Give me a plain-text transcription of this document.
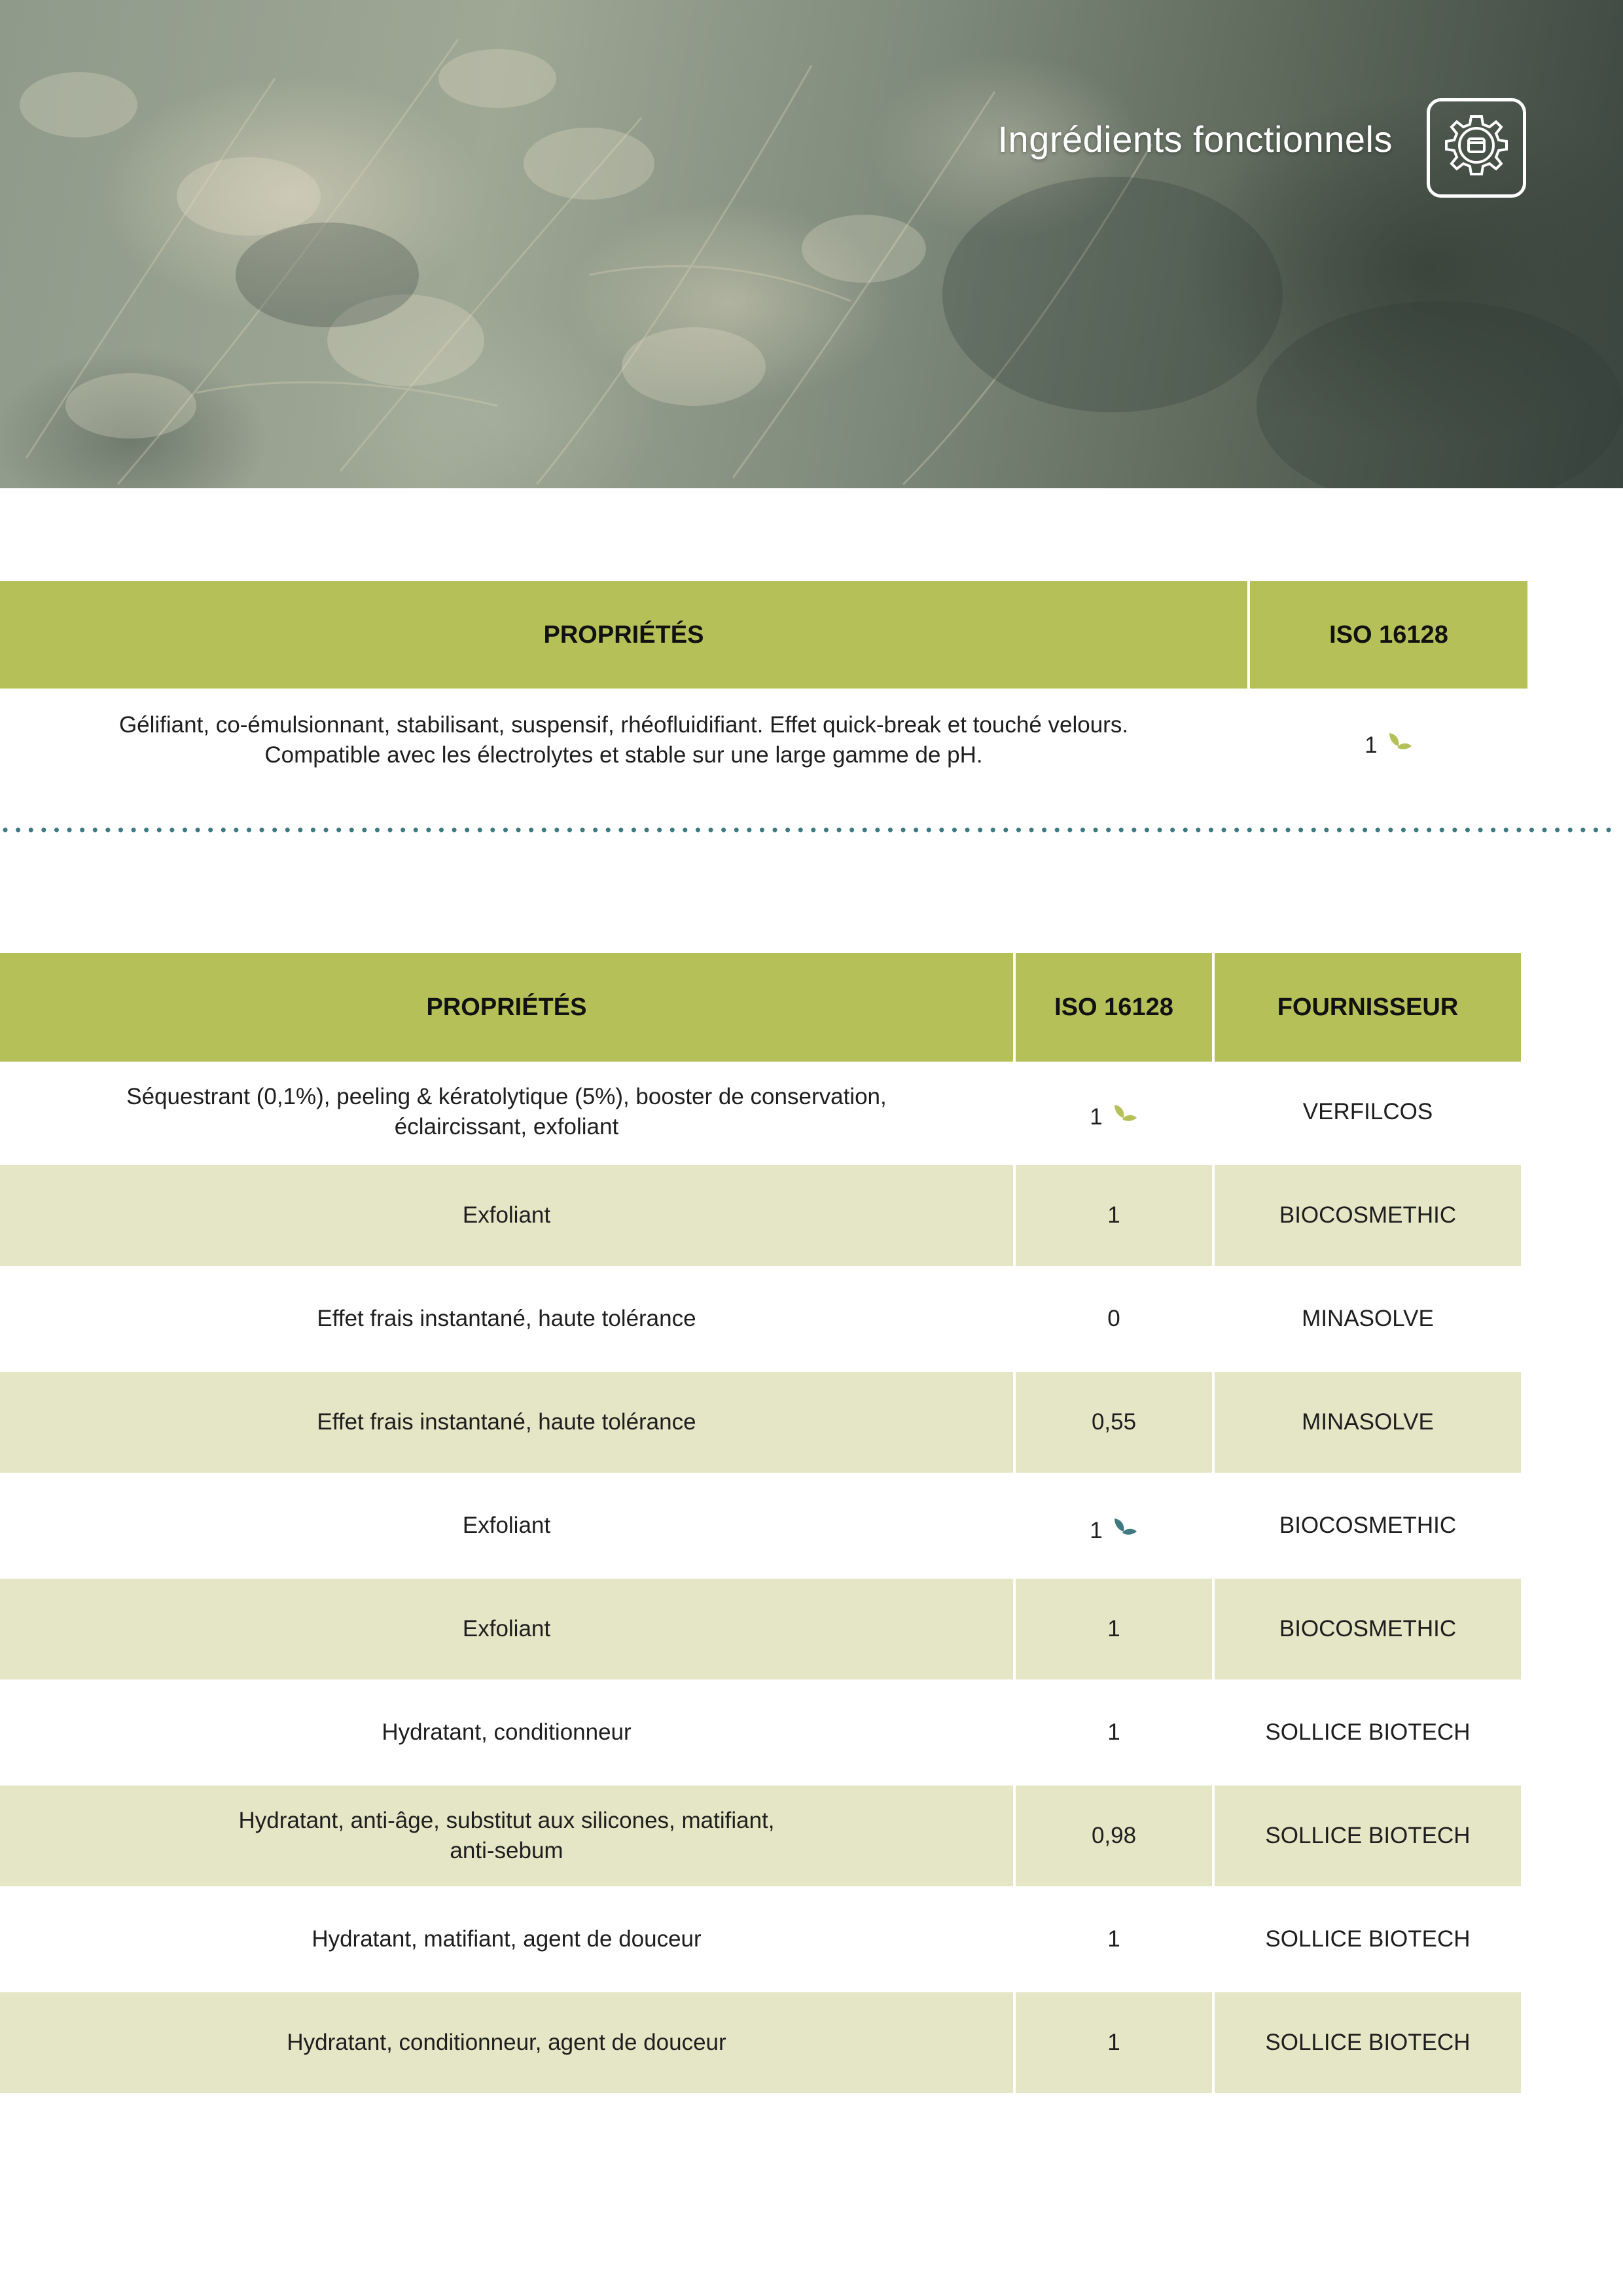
Ingrédients fonctionnels
PROPRIÉTÉS	ISO 16128

Gélifiant, co-émulsionnant, stabilisant, suspensif, rhéofluidifiant. Effet quick-break et touché velours.
Compatible avec les électrolytes et stable sur une large gamme de pH.	1
PROPRIÉTÉS	ISO 16128	FOURNISSEUR

Séquestrant (0,1%), peeling & kératolytique (5%), booster de conservation,
éclaircissant, exfoliant	1	VERFILCOS
Exfoliant	1	BIOCOSMETHIC
Effet frais instantané, haute tolérance	0	MINASOLVE
Effet frais instantané, haute tolérance	0,55	MINASOLVE
Exfoliant	1	BIOCOSMETHIC
Exfoliant	1	BIOCOSMETHIC
Hydratant, conditionneur	1	SOLLICE BIOTECH

Hydratant, anti-âge, substitut aux silicones, matifiant,
anti-sebum	0,98	SOLLICE BIOTECH
Hydratant, matifiant, agent de douceur	1	SOLLICE BIOTECH
Hydratant, conditionneur, agent de douceur	1	SOLLICE BIOTECH
